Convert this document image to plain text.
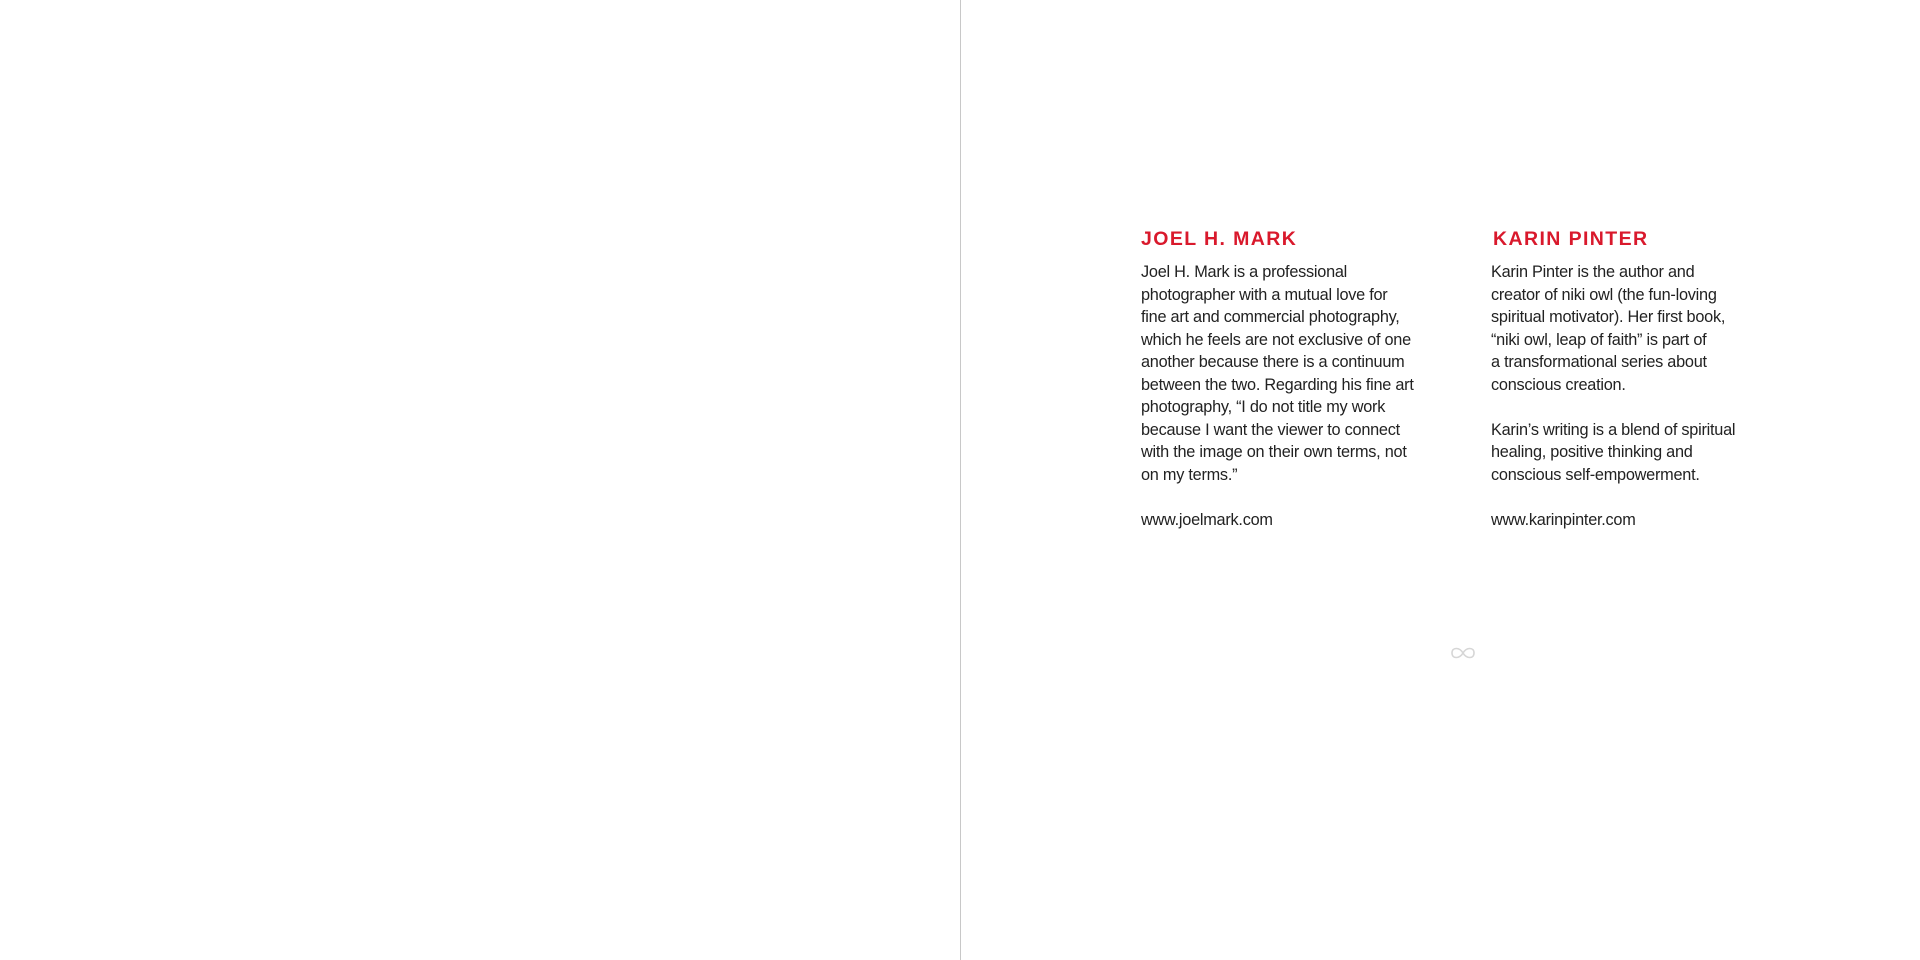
JOEL H. MARK

Joel H. Mark is a professional
photographer with a mutual love for
fine art and commercial photography,
which he feels are not exclusive of one
another because there is a continuum
between the two. Regarding his fine art
photography, “I do not title my work
because I want the viewer to connect
with the image on their own terms, not
on my terms.”

www.joelmark.com

KARIN PINTER

Karin Pinter is the author and
creator of niki owl (the fun-loving
spiritual motivator). Her first book,
“niki owl, leap of faith” is part of
a transformational series about
conscious creation.

Karin’s writing is a blend of spiritual
healing, positive thinking and
conscious self-empowerment.

www.karinpinter.com
